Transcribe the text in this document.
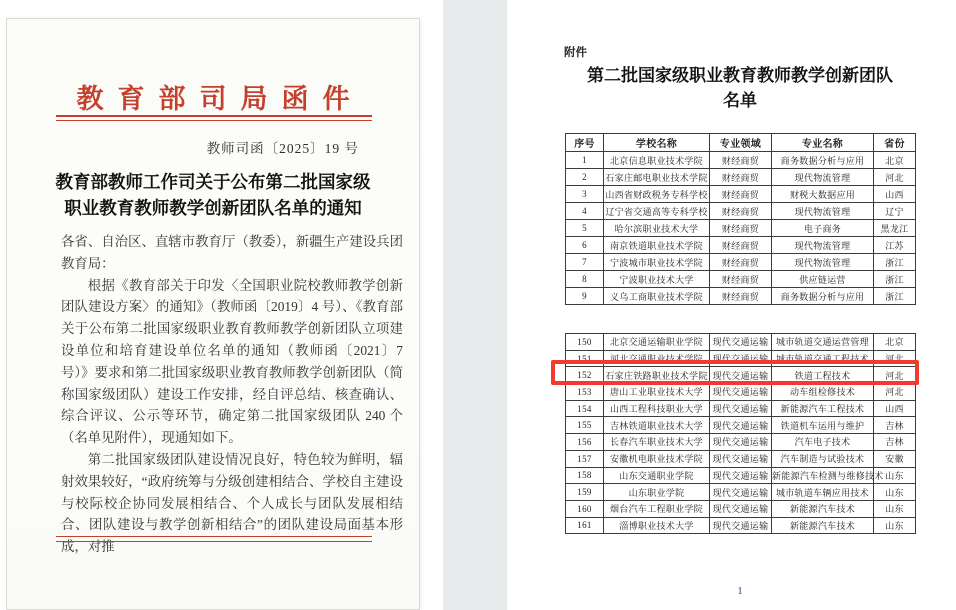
教育部司局函件
教师司函〔2025〕19 号
教育部教师工作司关于公布第二批国家级
职业教育教师教学创新团队名单的通知

各省、自治区、直辖市教育厅（教委），新疆生产建设兵团教育局：

根据《教育部关于印发〈全国职业院校教师教学创新团队建设方案〉的通知》（教师函〔2019〕4 号）、《教育部关于公布第二批国家级职业教育教师教学创新团队立项建设单位和培育建设单位名单的通知（教师函〔2021〕7 号）》要求和第二批国家级职业教育教师教学创新团队（简称国家级团队）建设工作安排，经自评总结、核查确认、综合评议、公示等环节，确定第二批国家级团队 240 个（名单见附件），现通知如下。

第二批国家级团队建设情况良好，特色较为鲜明，辐射效果较好，“政府统筹与分级创建相结合、学校自主建设与校际校企协同发展相结合、个人成长与团队发展相结合、团队建设与教学创新相结合”的团队建设局面基本形成，对推

附件
第二批国家级职业教育教师教学创新团队
名单
序号	学校名称	专业领域	专业名称	省份
1	北京信息职业技术学院	财经商贸	商务数据分析与应用	北京
2	石家庄邮电职业技术学院	财经商贸	现代物流管理	河北
3	山西省财政税务专科学校	财经商贸	财税大数据应用	山西
4	辽宁省交通高等专科学校	财经商贸	现代物流管理	辽宁
5	哈尔滨职业技术大学	财经商贸	电子商务	黑龙江
6	南京铁道职业技术学院	财经商贸	现代物流管理	江苏
7	宁波城市职业技术学院	财经商贸	现代物流管理	浙江
8	宁波职业技术大学	财经商贸	供应链运营	浙江
9	义乌工商职业技术学院	财经商贸	商务数据分析与应用	浙江
150	北京交通运输职业学院	现代交通运输	城市轨道交通运营管理	北京
151	河北交通职业技术学院	现代交通运输	城市轨道交通工程技术	河北
152	石家庄铁路职业技术学院	现代交通运输	铁道工程技术	河北
153	唐山工业职业技术大学	现代交通运输	动车组检修技术	河北
154	山西工程科技职业大学	现代交通运输	新能源汽车工程技术	山西
155	吉林铁道职业技术大学	现代交通运输	铁道机车运用与维护	吉林
156	长春汽车职业技术大学	现代交通运输	汽车电子技术	吉林
157	安徽机电职业技术学院	现代交通运输	汽车制造与试验技术	安徽
158	山东交通职业学院	现代交通运输	新能源汽车检测与维修技术	山东
159	山东职业学院	现代交通运输	城市轨道车辆应用技术	山东
160	烟台汽车工程职业学院	现代交通运输	新能源汽车技术	山东
161	淄博职业技术大学	现代交通运输	新能源汽车技术	山东
1
